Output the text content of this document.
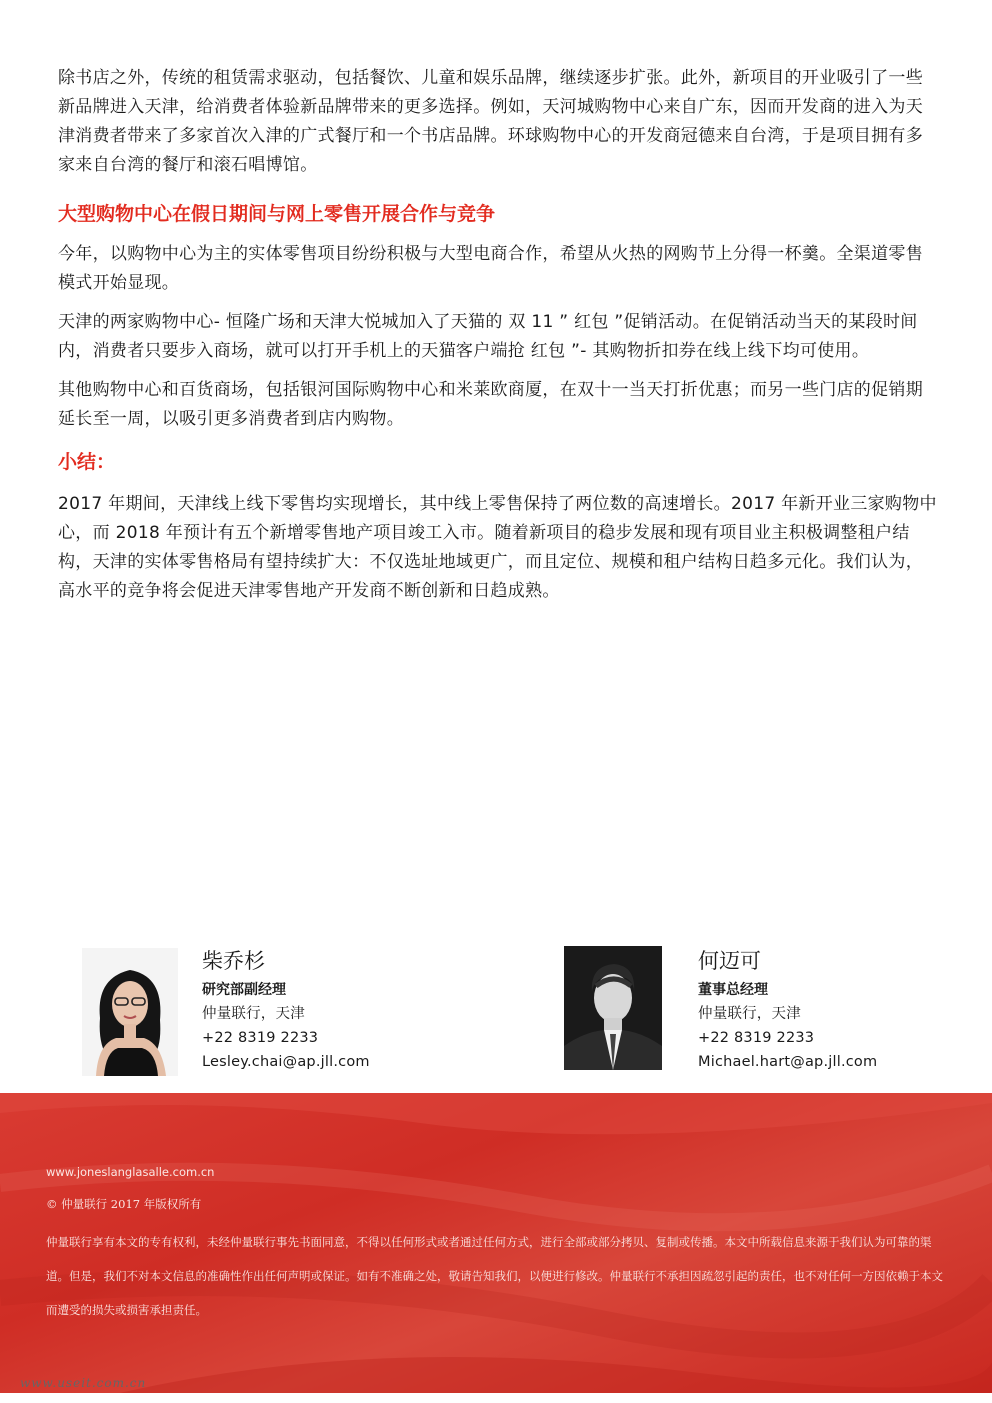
除书店之外，传统的租赁需求驱动，包括餐饮、儿童和娱乐品牌，继续逐步扩张。此外，新项目的开业吸引了一些新品牌进入天津，给消费者体验新品牌带来的更多选择。例如，天河城购物中心来自广东，因而开发商的进入为天津消费者带来了多家首次入津的广式餐厅和一个书店品牌。环球购物中心的开发商冠德来自台湾，于是项目拥有多家来自台湾的餐厅和滚石唱博馆。

大型购物中心在假日期间与网上零售开展合作与竞争

今年，以购物中心为主的实体零售项目纷纷积极与大型电商合作，希望从火热的网购节上分得一杯羹。全渠道零售模式开始显现。

天津的两家购物中心- 恒隆广场和天津大悦城加入了天猫的 双 11 ” 红包 ”促销活动。在促销活动当天的某段时间内，消费者只要步入商场，就可以打开手机上的天猫客户端抢 红包 ”- 其购物折扣券在线上线下均可使用。

其他购物中心和百货商场，包括银河国际购物中心和米莱欧商厦，在双十一当天打折优惠；而另一些门店的促销期延长至一周，以吸引更多消费者到店内购物。

小结：

2017 年期间，天津线上线下零售均实现增长，其中线上零售保持了两位数的高速增长。2017 年新开业三家购物中心，而 2018 年预计有五个新增零售地产项目竣工入市。随着新项目的稳步发展和现有项目业主积极调整租户结构，天津的实体零售格局有望持续扩大：不仅选址地域更广，而且定位、规模和租户结构日趋多元化。我们认为，高水平的竞争将会促进天津零售地产开发商不断创新和日趋成熟。

柴乔杉
研究部副经理
仲量联行，天津
+22 8319 2233
Lesley.chai@ap.jll.com
何迈可
董事总经理
仲量联行，天津
+22 8319 2233
Michael.hart@ap.jll.com
www.joneslanglasalle.com.cn
© 仲量联行 2017 年版权所有
仲量联行享有本文的专有权利，未经仲量联行事先书面同意，不得以任何形式或者通过任何方式，进行全部或部分拷贝、复制或传播。本文中所载信息来源于我们认为可靠的渠道。但是，我们不对本文信息的准确性作出任何声明或保证。如有不准确之处，敬请告知我们，以便进行修改。仲量联行不承担因疏忽引起的责任，也不对任何一方因依赖于本文而遭受的损失或损害承担责任。
www.useit.com.cn
